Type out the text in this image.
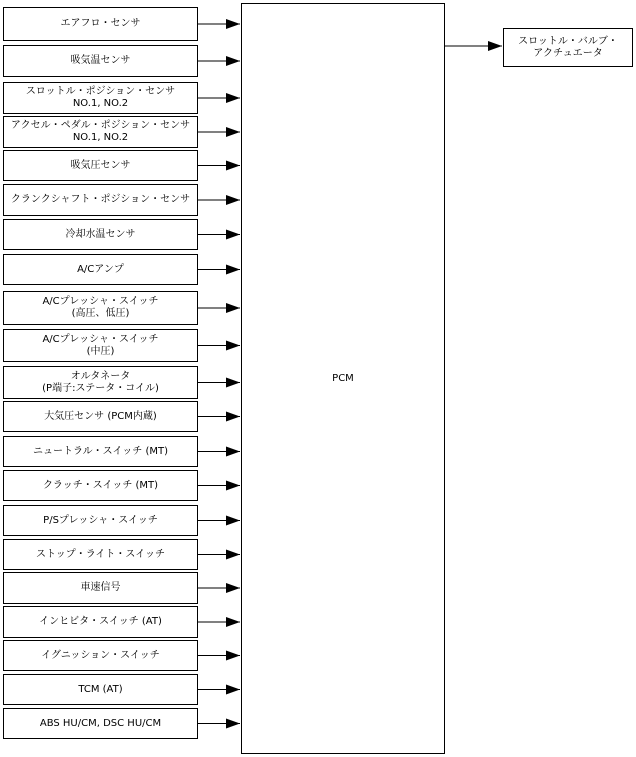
PCM
エアフロ・センサ
吸気温センサ
スロットル・ポジション・センサ
NO.1, NO.2
アクセル・ペダル・ポジション・センサ
NO.1, NO.2
吸気圧センサ
クランクシャフト・ポジション・センサ
冷却水温センサ
A/Cアンプ
A/Cプレッシャ・スイッチ
(高圧、低圧)
A/Cプレッシャ・スイッチ
(中圧)
オルタネータ
(P端子:ステータ・コイル)
大気圧センサ (PCM内蔵)
ニュートラル・スイッチ (MT)
クラッチ・スイッチ (MT)
P/Sプレッシャ・スイッチ
ストップ・ライト・スイッチ
車速信号
インヒビタ・スイッチ (AT)
イグニッション・スイッチ
TCM (AT)
ABS HU/CM, DSC HU/CM
スロットル・バルブ・
アクチュエータ
